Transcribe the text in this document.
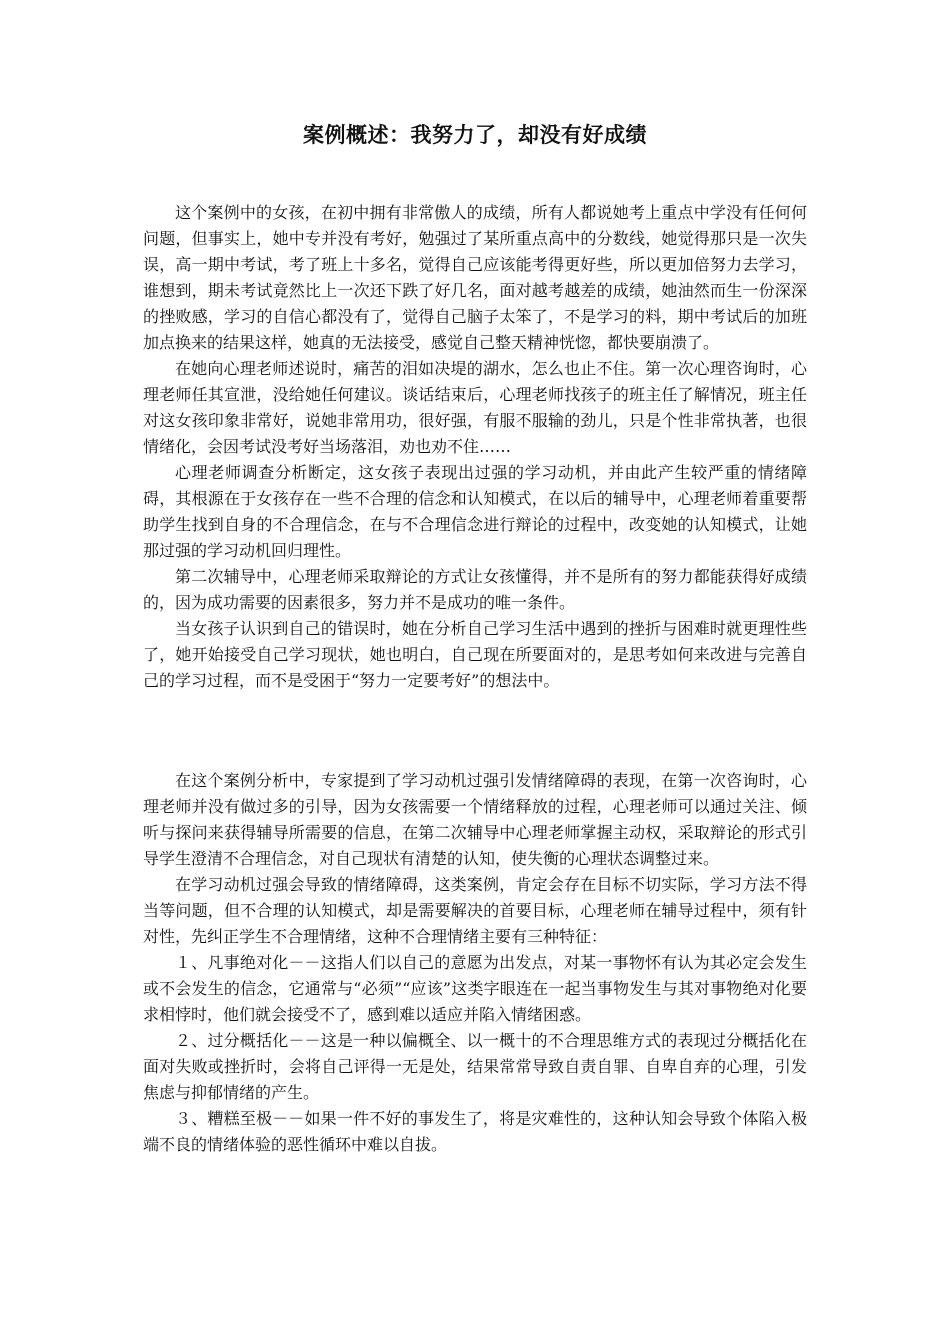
案例概述：我努力了，却没有好成绩

这个案例中的女孩，在初中拥有非常傲人的成绩，所有人都说她考上重点中学没有任何何问题，但事实上，她中专并没有考好，勉强过了某所重点高中的分数线，她觉得那只是一次失误，高一期中考试，考了班上十多名，觉得自己应该能考得更好些，所以更加倍努力去学习，谁想到，期未考试竟然比上一次还下跌了好几名，面对越考越差的成绩，她油然而生一份深深的挫败感，学习的自信心都没有了，觉得自己脑子太笨了，不是学习的料，期中考试后的加班加点换来的结果这样，她真的无法接受，感觉自己整天精神恍惚，都快要崩溃了。

在她向心理老师述说时，痛苦的泪如决堤的湖水，怎么也止不住。第一次心理咨询时，心理老师任其宣泄，没给她任何建议。谈话结束后，心理老师找孩子的班主任了解情况，班主任对这女孩印象非常好，说她非常用功，很好强，有服不服输的劲儿，只是个性非常执著，也很情绪化，会因考试没考好当场落泪，劝也劝不住……

心理老师调查分析断定，这女孩子表现出过强的学习动机，并由此产生较严重的情绪障碍，其根源在于女孩存在一些不合理的信念和认知模式，在以后的辅导中，心理老师着重要帮助学生找到自身的不合理信念，在与不合理信念进行辩论的过程中，改变她的认知模式，让她那过强的学习动机回归理性。

第二次辅导中，心理老师采取辩论的方式让女孩懂得，并不是所有的努力都能获得好成绩的，因为成功需要的因素很多，努力并不是成功的唯一条件。

当女孩子认识到自己的错误时，她在分析自己学习生活中遇到的挫折与困难时就更理性些了，她开始接受自己学习现状，她也明白，自己现在所要面对的，是思考如何来改进与完善自己的学习过程，而不是受困于“努力一定要考好”的想法中。

在这个案例分析中，专家提到了学习动机过强引发情绪障碍的表现，在第一次咨询时，心理老师并没有做过多的引导，因为女孩需要一个情绪释放的过程，心理老师可以通过关注、倾听与探问来获得辅导所需要的信息，在第二次辅导中心理老师掌握主动权，采取辩论的形式引导学生澄清不合理信念，对自己现状有清楚的认知，使失衡的心理状态调整过来。

在学习动机过强会导致的情绪障碍，这类案例，肯定会存在目标不切实际，学习方法不得当等问题，但不合理的认知模式，却是需要解决的首要目标，心理老师在辅导过程中，须有针对性，先纠正学生不合理情绪，这种不合理情绪主要有三种特征：

１、凡事绝对化－－这指人们以自己的意愿为出发点，对某一事物怀有认为其必定会发生或不会发生的信念，它通常与“必须”“应该”这类字眼连在一起当事物发生与其对事物绝对化要求相悖时，他们就会接受不了，感到难以适应并陷入情绪困惑。

２、过分概括化－－这是一种以偏概全、以一概十的不合理思维方式的表现过分概括化在面对失败或挫折时，会将自己评得一无是处，结果常常导致自责自罪、自卑自弃的心理，引发焦虑与抑郁情绪的产生。

３、糟糕至极－－如果一件不好的事发生了，将是灾难性的，这种认知会导致个体陷入极端不良的情绪体验的恶性循环中难以自拔。
